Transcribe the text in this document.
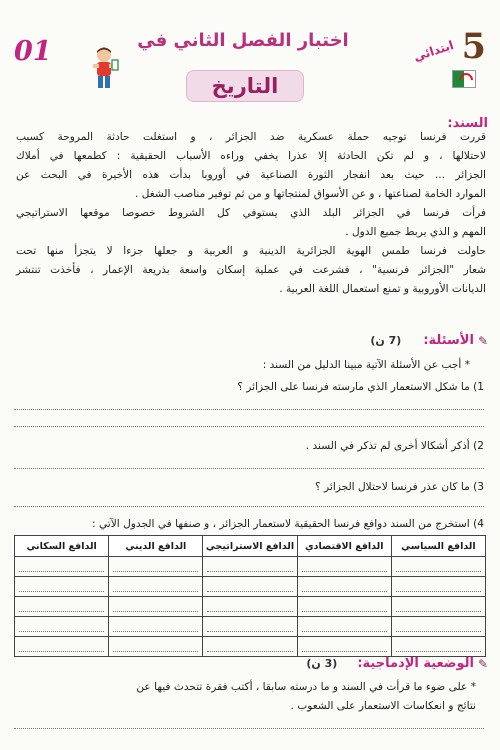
01	اختبار الفصل الثاني في
التاريخ
5
ابتدائي
السند:

قررت فرنسا توجيه حملة عسكرية ضد الجزائر ، و استغلت حادثة المروحة كسبب

لاحتلالها ، و لم تكن الحادثة إلا عذرا يخفي وراءه الأسباب الحقيقية : كطمعها في أملاك

الجزائر ... حيث بعد انفجار الثورة الصناعية في أوروبا بدأت هذه الأخيرة في البحث عن

الموارد الخامة لصناعتها ، و عن الأسواق لمنتجاتها و من ثم توفير مناصب الشغل .

فرأت فرنسا في الجزائر البلد الذي يستوفي كل الشروط خصوصا موقعها الاستراتيجي

المهم و الذي يربط جميع الدول .

حاولت فرنسا طمس الهوية الجزائرية الدينية و العربية و جعلها جزءا لا يتجزأ منها تحت

شعار "الجزائر فرنسية" ، فشرعت في عملية إسكان واسعة بذريعة الإعمار ، فأخذت تنتشر

الديانات الأوروبية و تمنع استعمال اللغة العربية .

✎
الأسئلة:
(7 ن)
* أجب عن الأسئلة الآتية مبينا الدليل من السند :
1) ما شكل الاستعمار الذي مارسته فرنسا على الجزائر ؟
2) أذكر أشكالا أخرى لم تذكر في السند .
3) ما كان عذر فرنسا لاحتلال الجزائر ؟
4) استخرج من السند دوافع فرنسا الحقيقية لاستعمار الجزائر ، و صنفها في الجدول الآتي :
الدافع السياسي	الدافع الاقتصادي	الدافع الاستراتيجي	الدافع الديني	الدافع السكاني

✎
الوضعية الإدماجية:
(3 ن)
* على ضوء ما قرأت في السند و ما درسته سابقا ، أكتب فقرة تتحدث فيها عن
نتائج و انعكاسات الاستعمار على الشعوب .
